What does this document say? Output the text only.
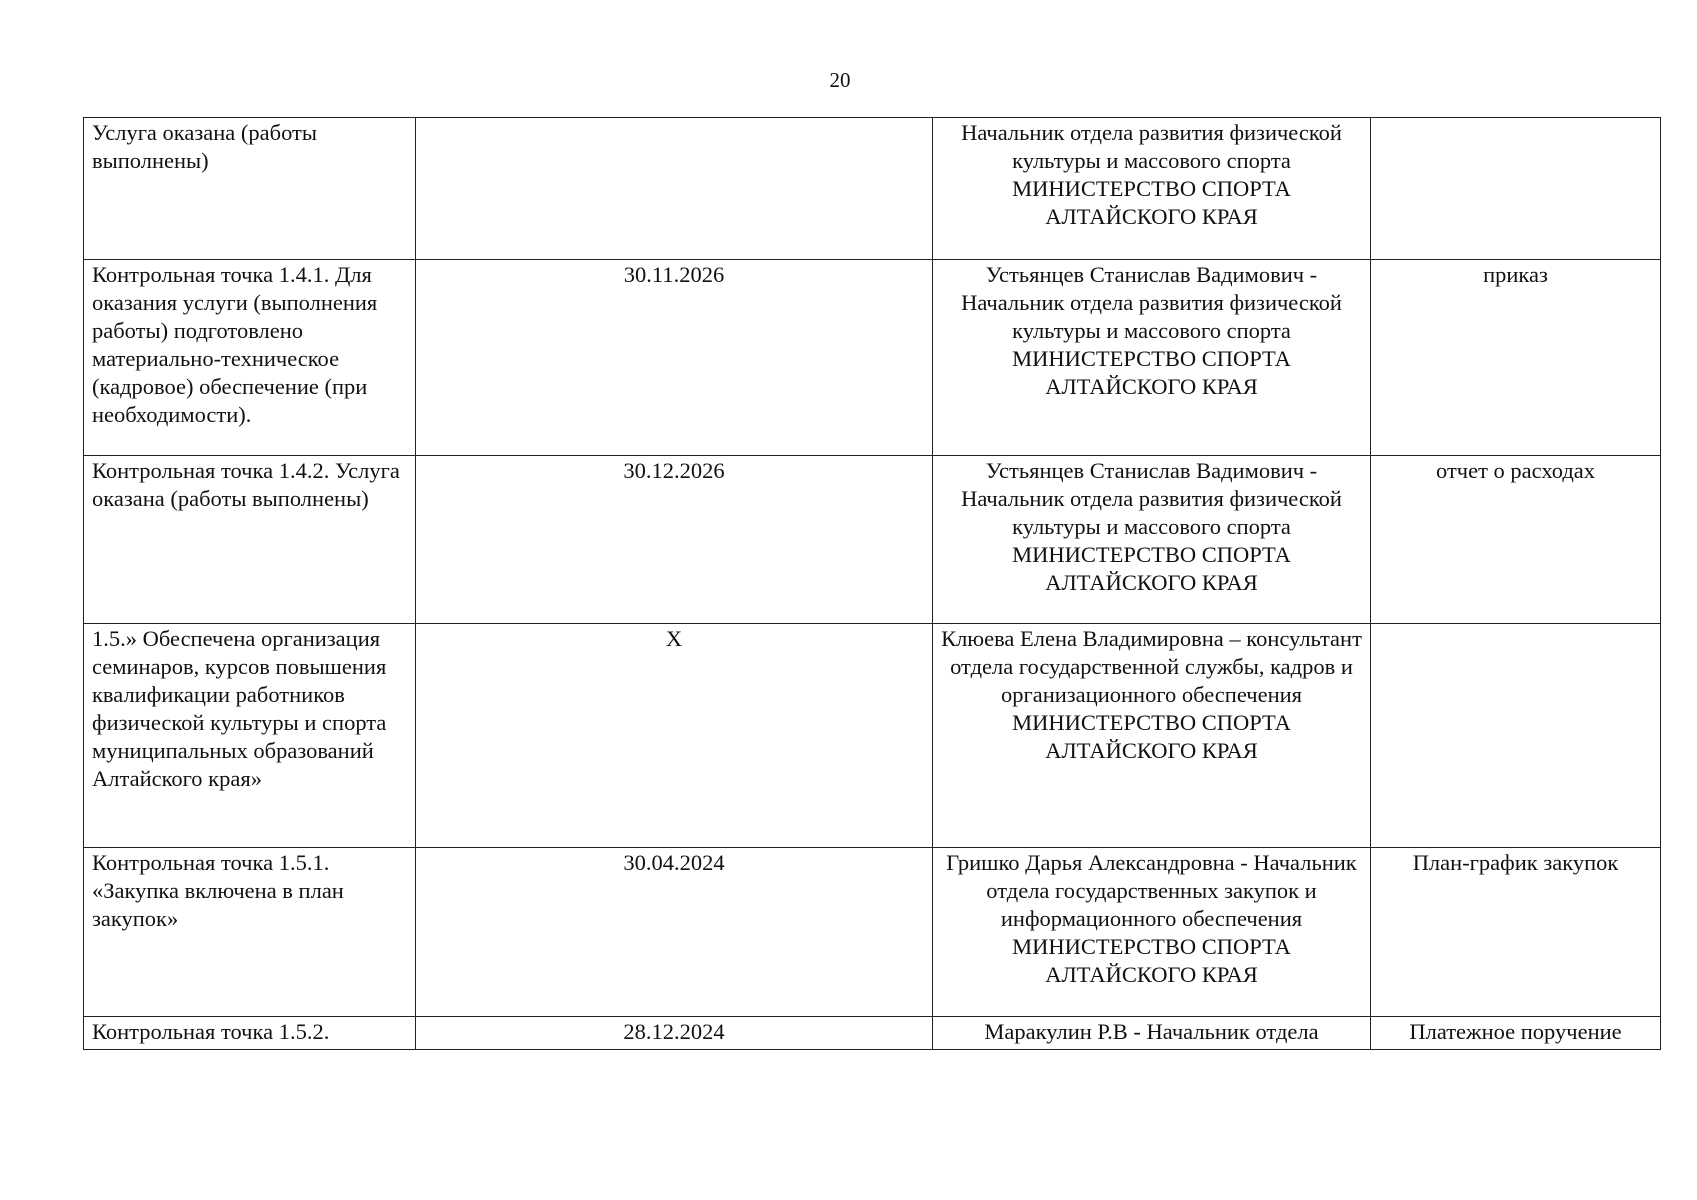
20
Услуга оказана (работы выполнены)		Начальник отдела развития физической культуры и массового спорта
МИНИСТЕРСТВО СПОРТА
АЛТАЙСКОГО КРАЯ	

Контрольная точка 1.4.1. Для оказания услуги (выполнения работы) подготовлено материально-техническое (кадровое) обеспечение (при необходимости).	30.11.2026	Устьянцев Станислав Вадимович - Начальник отдела развития физической культуры и массового спорта
МИНИСТЕРСТВО СПОРТА
АЛТАЙСКОГО КРАЯ	приказ
Контрольная точка 1.4.2. Услуга оказана (работы выполнены)	30.12.2026	Устьянцев Станислав Вадимович - Начальник отдела развития физической культуры и массового спорта
МИНИСТЕРСТВО СПОРТА
АЛТАЙСКОГО КРАЯ	отчет о расходах
1.5.» Обеспечена организация семинаров, курсов повышения квалификации работников физической культуры и спорта муниципальных образований Алтайского края»	X	Клюева Елена Владимировна – консультант отдела государственной службы, кадров и организационного обеспечения
МИНИСТЕРСТВО СПОРТА
АЛТАЙСКОГО КРАЯ	

Контрольная точка 1.5.1. «Закупка включена в план закупок»	30.04.2024	Гришко Дарья Александровна - Начальник отдела государственных закупок и информационного обеспечения
МИНИСТЕРСТВО СПОРТА
АЛТАЙСКОГО КРАЯ	План-график закупок
Контрольная точка 1.5.2.	28.12.2024	Маракулин Р.В - Начальник отдела	Платежное поручение
